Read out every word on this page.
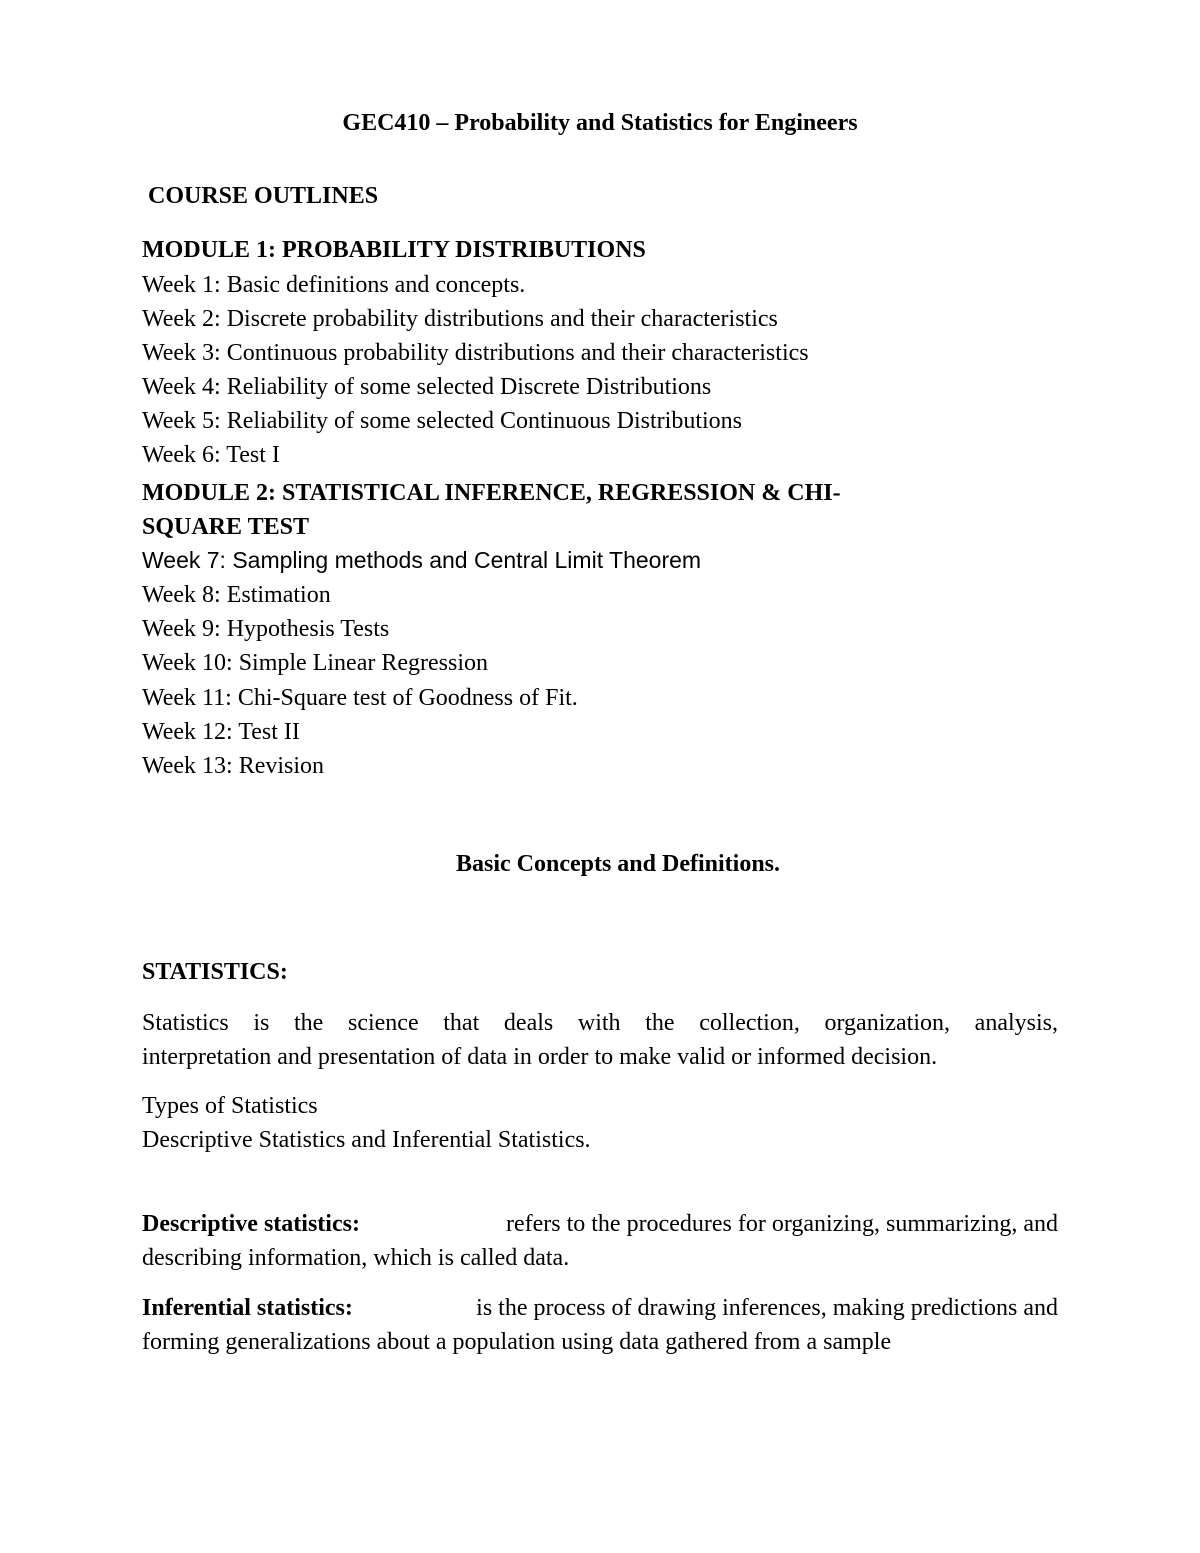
GEC410 – Probability and Statistics for Engineers
COURSE OUTLINES
MODULE 1: PROBABILITY DISTRIBUTIONS
Week 1: Basic definitions and concepts.
Week 2: Discrete probability distributions and their characteristics
Week 3: Continuous probability distributions and their characteristics
Week 4: Reliability of some selected Discrete Distributions
Week 5: Reliability of some selected Continuous Distributions
Week 6: Test I
MODULE 2: STATISTICAL INFERENCE, REGRESSION & CHI-
SQUARE TEST
Week 7: Sampling methods and Central Limit Theorem
Week 8: Estimation
Week 9: Hypothesis Tests
Week 10: Simple Linear Regression
Week 11: Chi-Square test of Goodness of Fit.
Week 12: Test II
Week 13: Revision
Basic Concepts and Definitions.
STATISTICS:
Statistics is the science that deals with the collection, organization, analysis,
interpretation and presentation of data in order to make valid or informed decision.
Types of Statistics
Descriptive Statistics and Inferential Statistics.
Descriptive statistics:	refers to the procedures for organizing, summarizing, and
describing information, which is called data.
Inferential statistics:	is the process of drawing inferences, making predictions and
forming generalizations about a population using data gathered from a sample
